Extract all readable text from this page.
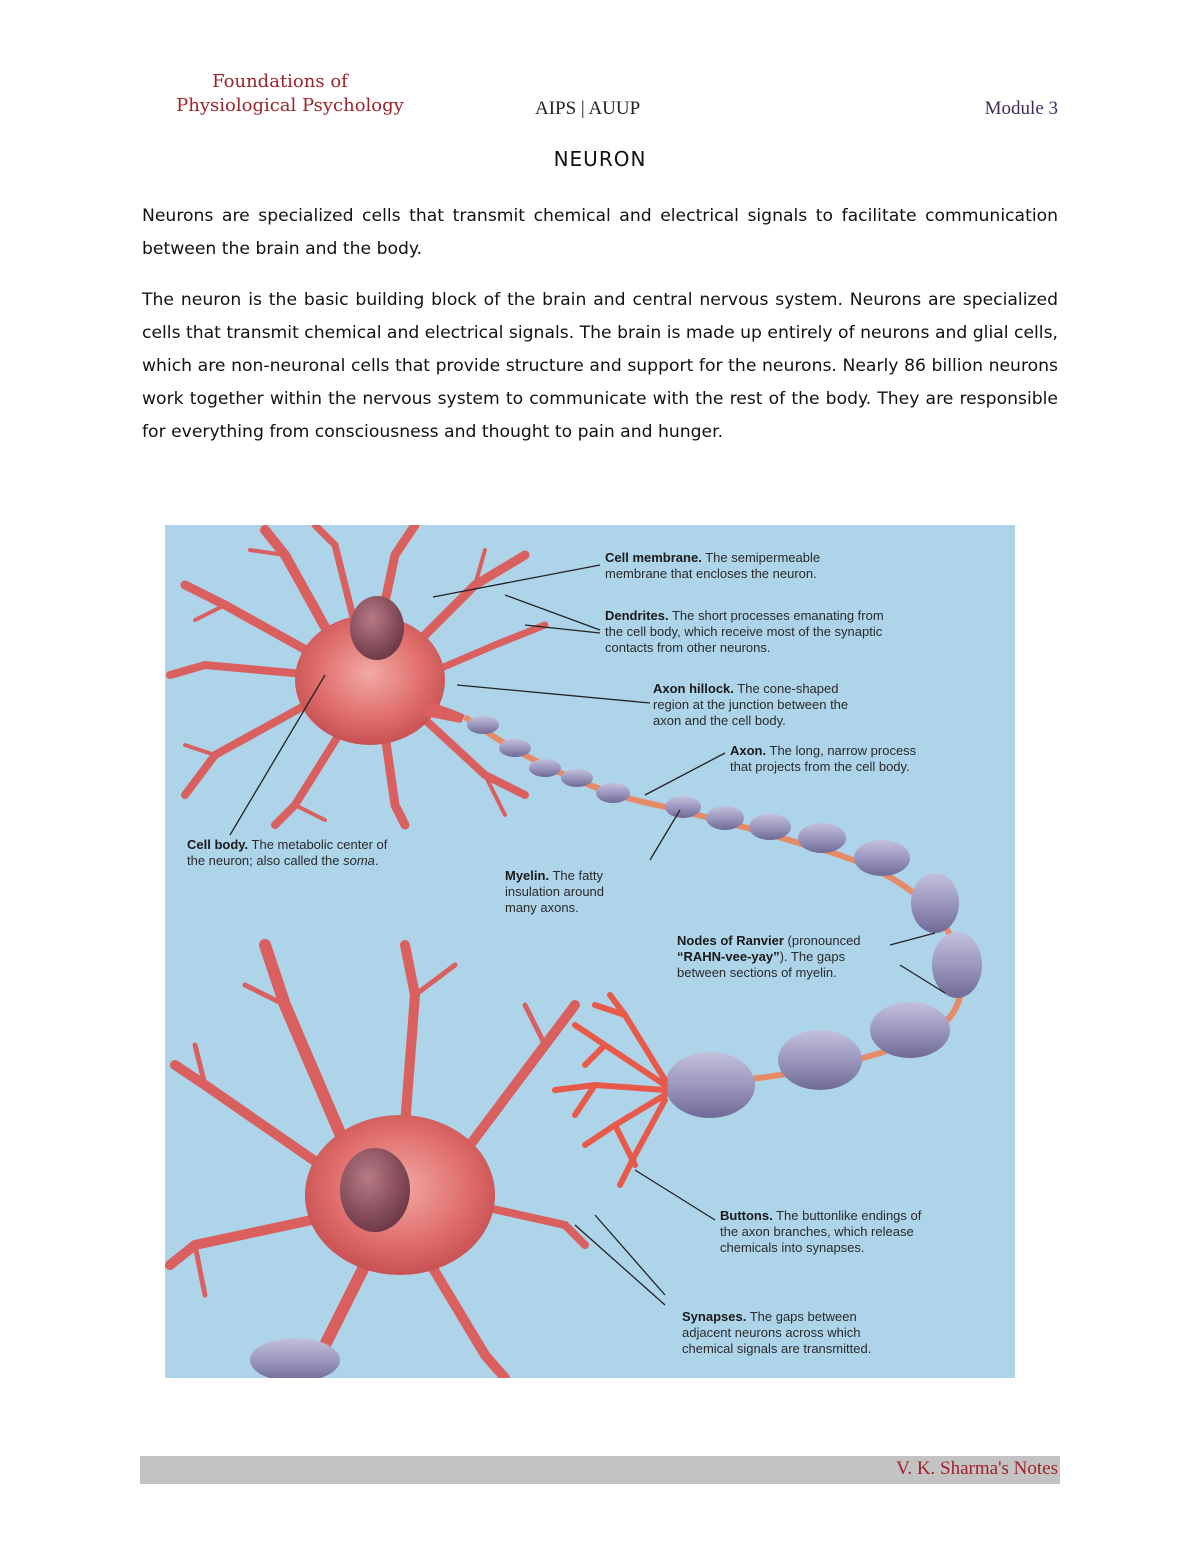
Foundations of
Physiological Psychology	AIPS | AUUP	Module 3
NEURON
Neurons are specialized cells that transmit chemical and electrical signals to facilitate communication between the brain and the body.
The neuron is the basic building block of the brain and central nervous system. Neurons are specialized cells that transmit chemical and electrical signals. The brain is made up entirely of neurons and glial cells, which are non-neuronal cells that provide structure and support for the neurons. Nearly 86 billion neurons work together within the nervous system to communicate with the rest of the body. They are responsible for everything from consciousness and thought to pain and hunger.
Cell membrane. The semipermeable membrane that encloses the neuron.
Dendrites. The short processes emanating from the cell body, which receive most of the synaptic contacts from other neurons.
Axon hillock. The cone-shaped region at the junction between the axon and the cell body.
Axon. The long, narrow process that projects from the cell body.
Cell body. The metabolic center of the neuron; also called the soma.
Myelin. The fatty insulation around many axons.
Nodes of Ranvier (pronounced “RAHN-vee-yay”). The gaps between sections of myelin.
Buttons. The buttonlike endings of the axon branches, which release chemicals into synapses.
Synapses. The gaps between adjacent neurons across which chemical signals are transmitted.
V. K. Sharma's Notes
